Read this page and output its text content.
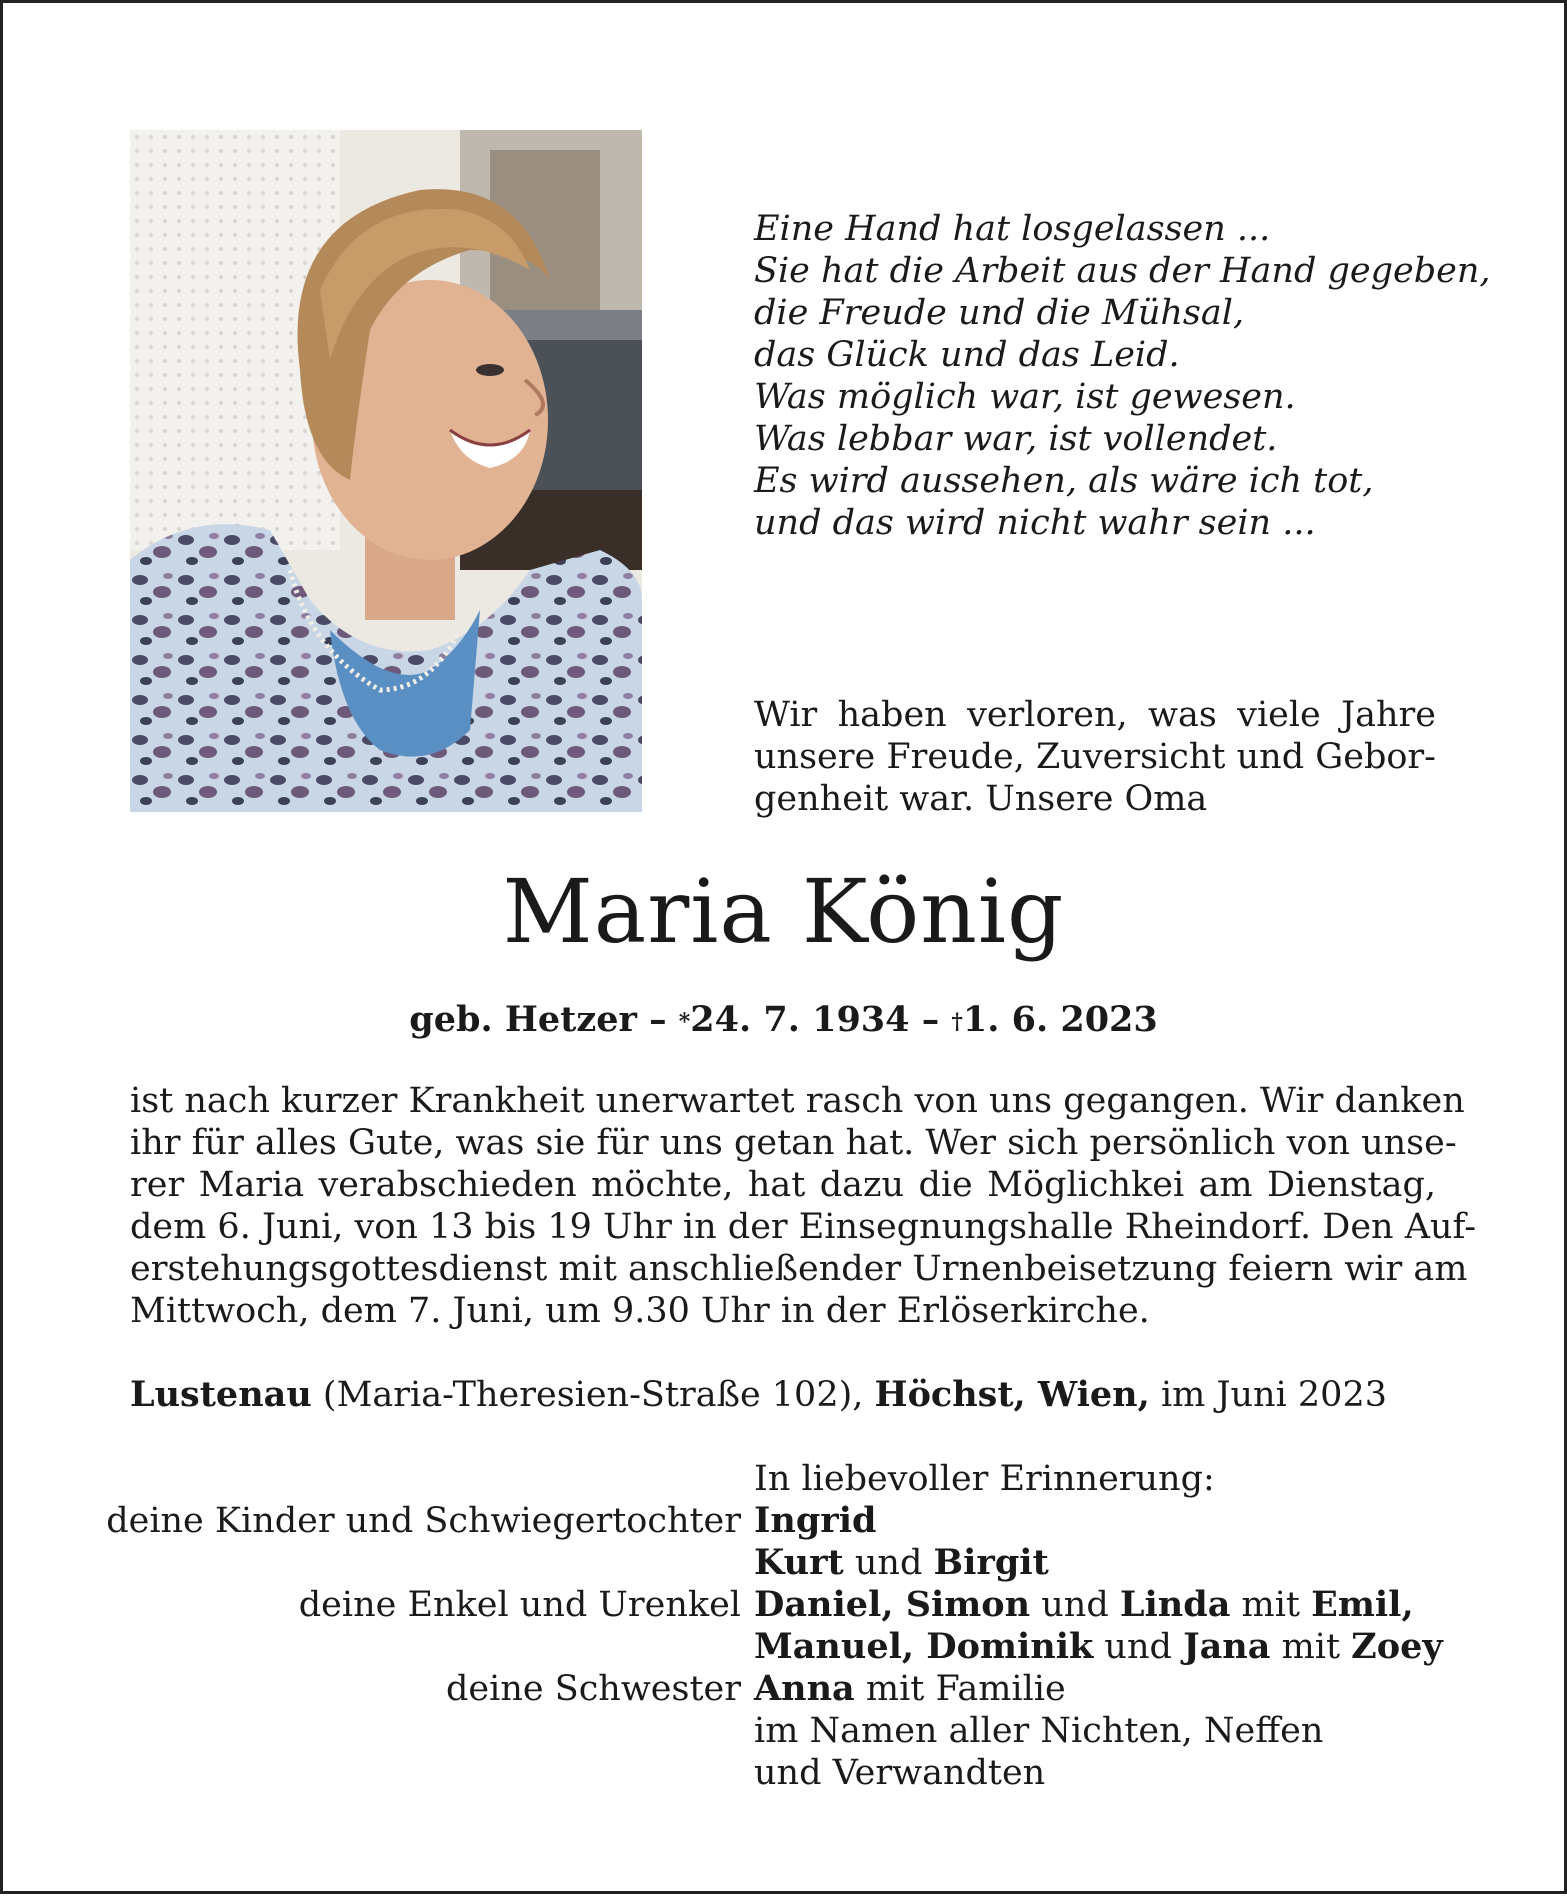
Eine Hand hat losgelassen ...
Sie hat die Arbeit aus der Hand gegeben,
die Freude und die Mühsal,
das Glück und das Leid.
Was möglich war, ist gewesen.
Was lebbar war, ist vollendet.
Es wird aussehen, als wäre ich tot,
und das wird nicht wahr sein ...
Wir haben verloren, was viele Jahre
unsere Freude, Zuversicht und Gebor-
genheit war. Unsere Oma
Maria König
geb. Hetzer – *24. 7. 1934 – †1. 6. 2023
ist nach kurzer Krankheit unerwartet rasch von uns gegangen. Wir danken
ihr für alles Gute, was sie für uns getan hat. Wer sich persönlich von unse-
rer Maria verabschieden möchte, hat dazu die Möglichkei am Dienstag,
dem 6. Juni, von 13 bis 19 Uhr in der Einsegnungshalle Rheindorf. Den Auf-
erstehungsgottesdienst mit anschließender Urnenbeisetzung feiern wir am
Mittwoch, dem 7. Juni, um 9.30 Uhr in der Erlöserkirche.
Lustenau (Maria-Theresien-Straße 102), Höchst, Wien, im Juni 2023
In liebevoller Erinnerung:
deine Kinder und Schwiegertochter Ingrid
Kurt und Birgit
deine Enkel und Urenkel Daniel, Simon und Linda mit Emil,
Manuel, Dominik und Jana mit Zoey
deine Schwester Anna mit Familie
im Namen aller Nichten, Neffen
und Verwandten
